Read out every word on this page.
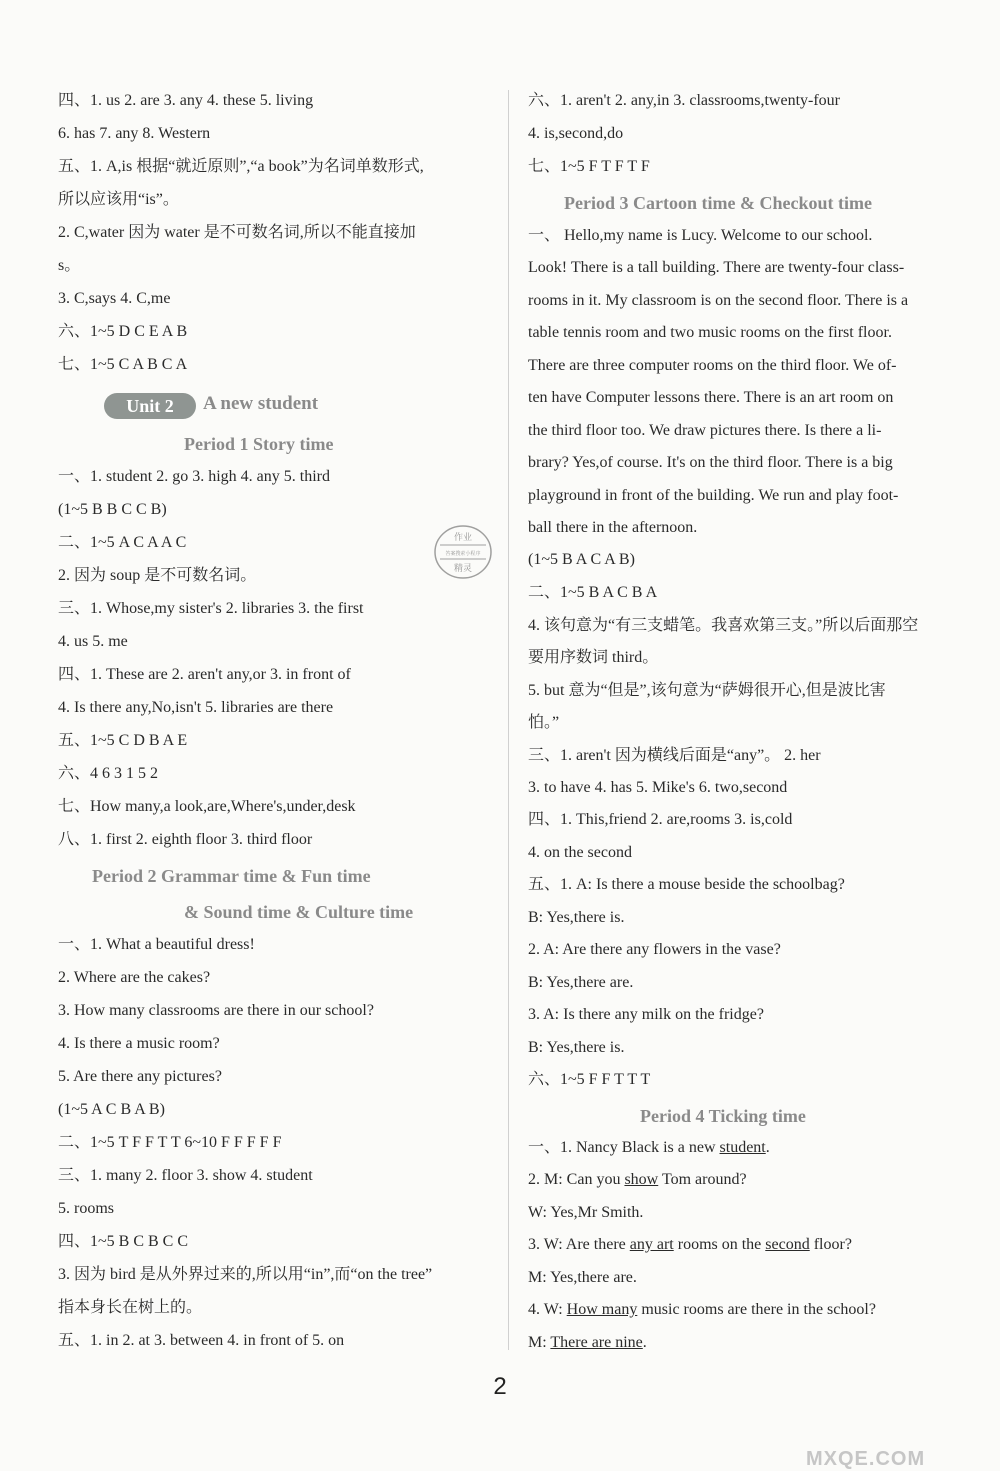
四、1. us 2. are 3. any 4. these 5. living
6. has 7. any 8. Western
五、1. A,is 根据“就近原则”,“a book”为名词单数形式,
所以应该用“is”。
2. C,water 因为 water 是不可数名词,所以不能直接加
s。
3. C,says 4. C,me
六、1~5 D C E A B
七、1~5 C A B C A
Unit 2	A new student
Period 1 Story time
一、1. student 2. go 3. high 4. any 5. third
(1~5 B B C C B)
二、1~5 A C A A C
2. 因为 soup 是不可数名词。
三、1. Whose,my sister's 2. libraries 3. the first
4. us 5. me
四、1. These are 2. aren't any,or 3. in front of
4. Is there any,No,isn't 5. libraries are there
五、1~5 C D B A E
六、4 6 3 1 5 2
七、How many,a look,are,Where's,under,desk
八、1. first 2. eighth floor 3. third floor
Period 2 Grammar time & Fun time
& Sound time & Culture time
一、1. What a beautiful dress!
2. Where are the cakes?
3. How many classrooms are there in our school?
4. Is there a music room?
5. Are there any pictures?
(1~5 A C B A B)
二、1~5 T F F T T 6~10 F F F F F
三、1. many 2. floor 3. show 4. student
5. rooms
四、1~5 B C B C C
3. 因为 bird 是从外界过来的,所以用“in”,而“on the tree”
指本身长在树上的。
五、1. in 2. at 3. between 4. in front of 5. on
六、1. aren't 2. any,in 3. classrooms,twenty-four
4. is,second,do
七、1~5 F T F T F
Period 3 Cartoon time & Checkout time
一、 Hello,my name is Lucy. Welcome to our school.
Look! There is a tall building. There are twenty-four class-
rooms in it. My classroom is on the second floor. There is a
table tennis room and two music rooms on the first floor.
There are three computer rooms on the third floor. We of-
ten have Computer lessons there. There is an art room on
the third floor too. We draw pictures there. Is there a li-
brary? Yes,of course. It's on the third floor. There is a big
playground in front of the building. We run and play foot-
ball there in the afternoon.
(1~5 B A C A B)
二、1~5 B A C B A
4. 该句意为“有三支蜡笔。我喜欢第三支。”所以后面那空
要用序数词 third。
5. but 意为“但是”,该句意为“萨姆很开心,但是波比害
怕。”
三、1. aren't 因为横线后面是“any”。 2. her
3. to have 4. has 5. Mike's 6. two,second
四、1. This,friend 2. are,rooms 3. is,cold
4. on the second
五、1. A: Is there a mouse beside the schoolbag?
B: Yes,there is.
2. A: Are there any flowers in the vase?
B: Yes,there are.
3. A: Is there any milk on the fridge?
B: Yes,there is.
六、1~5 F F T T T
Period 4 Ticking time
一、1. Nancy Black is a new student.
2. M: Can you show Tom around?
W: Yes,Mr Smith.
3. W: Are there any art rooms on the second floor?
M: Yes,there are.
4. W: How many music rooms are there in the school?
M: There are nine.
作业
答案搜索小程序
精灵
2
MXQE.COM
